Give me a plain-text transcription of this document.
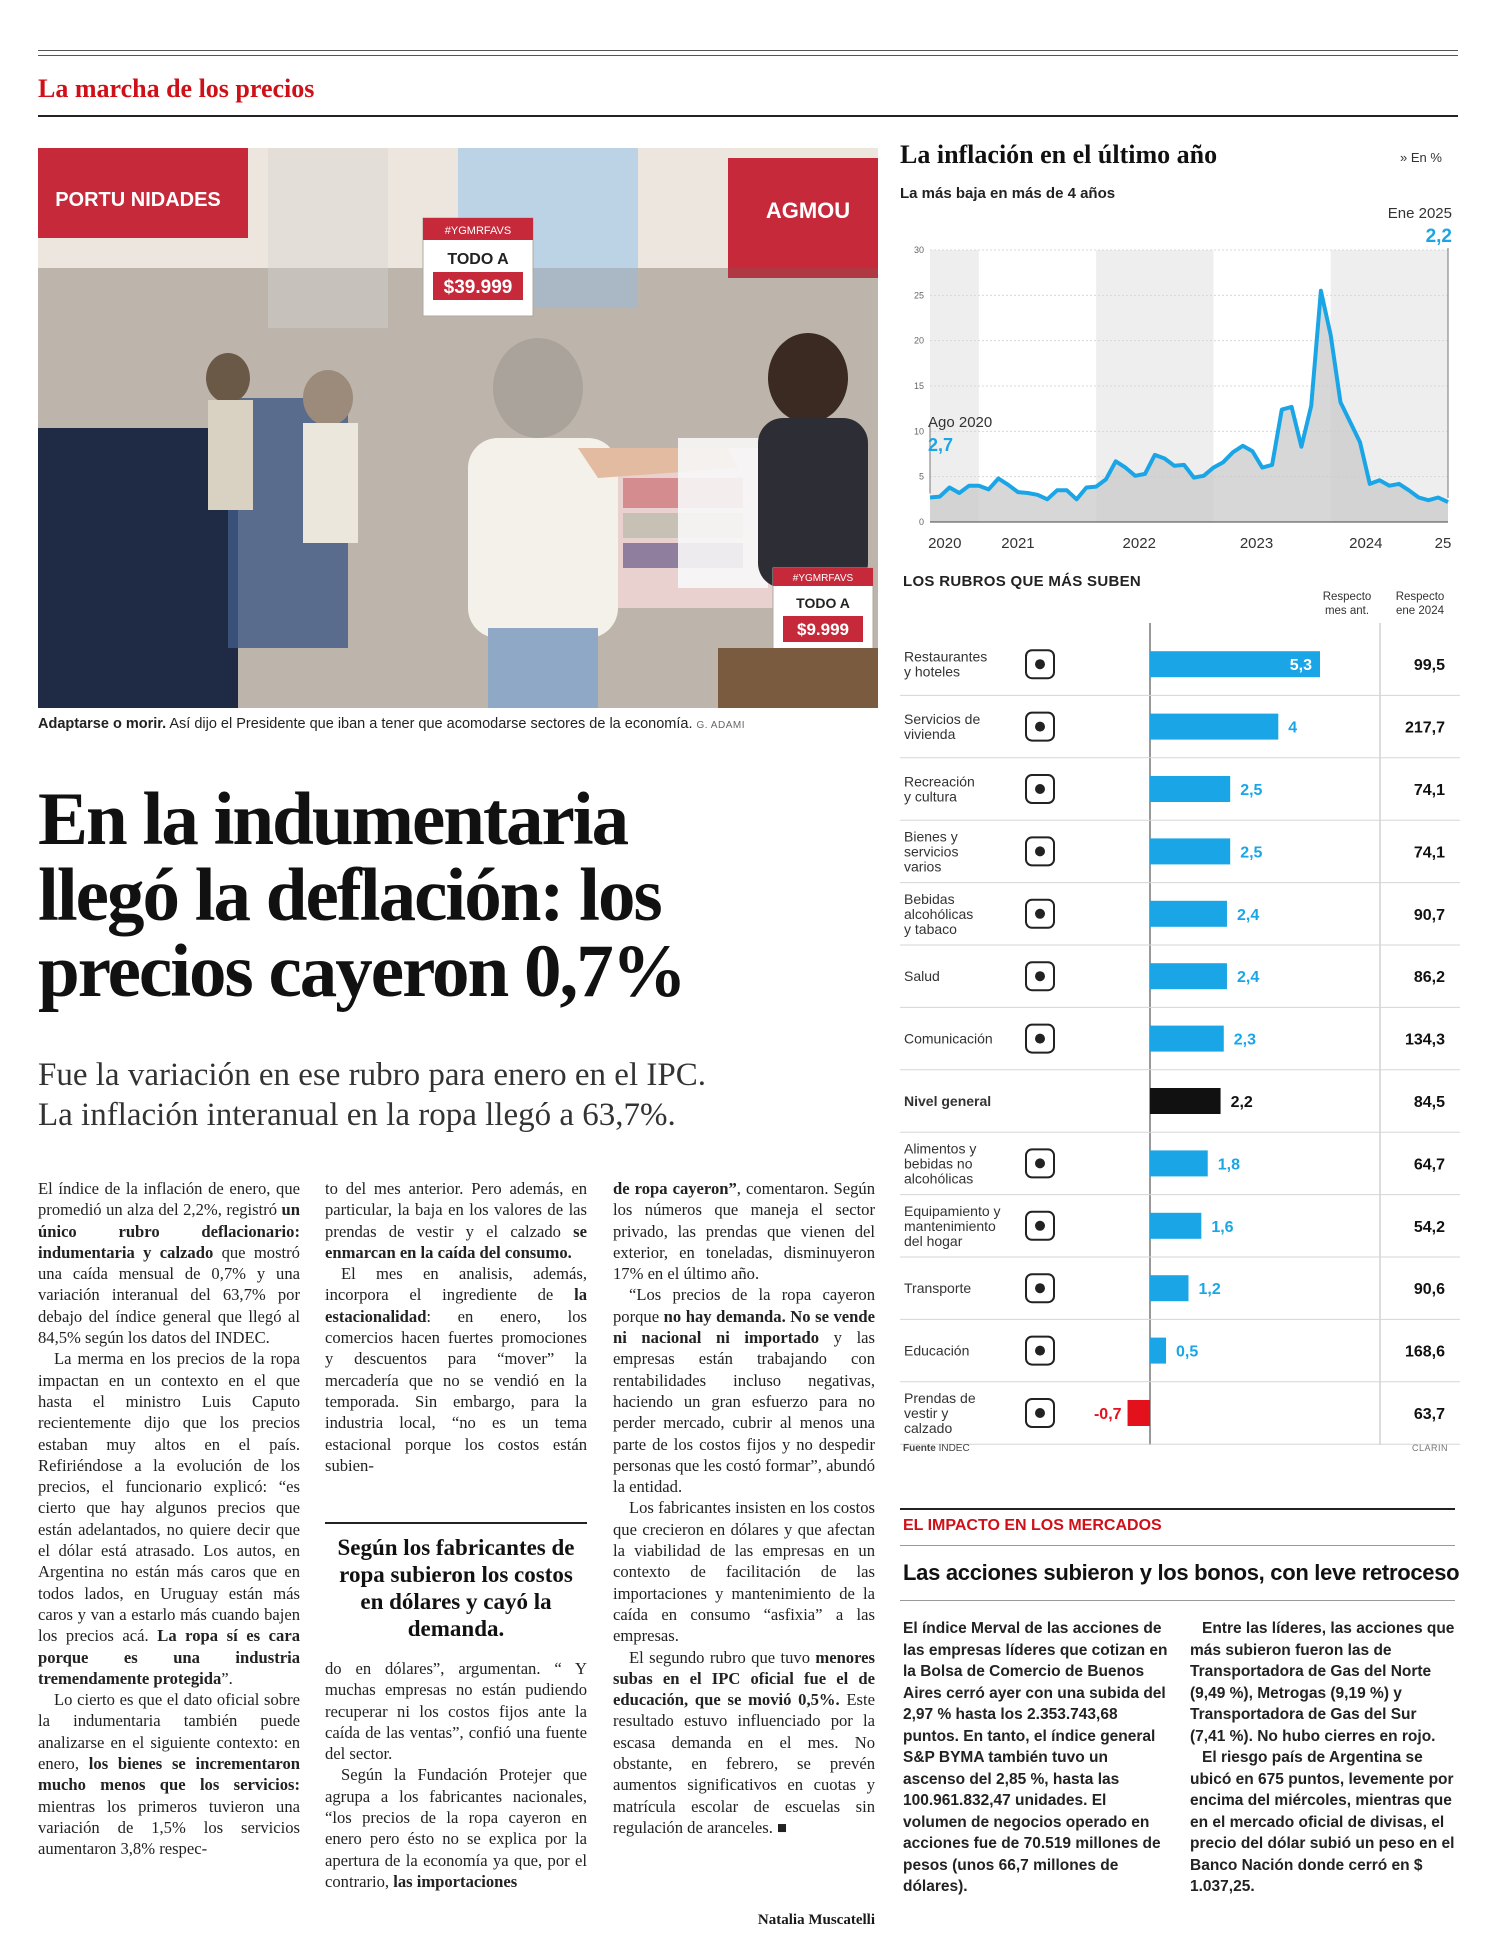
La marcha de los precios
PORTU NIDADES	AGMOU
#YGMRFAVS
TODO A
$39.999
#YGMRFAVS
TODO A
$9.999
Adaptarse o morir. Así dijo el Presidente que iban a tener que acomodarse sectores de la economía. G. ADAMI
En la indumentaria
llegó la deflación: los
precios cayeron 0,7%
Fue la variación en ese rubro para enero en el IPC.
La inflación interanual en la ropa llegó a 63,7%.

El índice de la inflación de enero, que promedió un alza del 2,2%, registró un único rubro deflacionario: indumentaria y calzado que mostró una caída mensual de 0,7% y una variación interanual del 63,7% por debajo del índice general que llegó al 84,5% según los datos del INDEC.

La merma en los precios de la ropa impactan en un contexto en el que hasta el ministro Luis Caputo recientemente dijo que los precios estaban muy altos en el país. Refiriéndose a la evolución de los precios, el funcionario explicó: “es cierto que hay algunos precios que están adelantados, no quiere decir que el dólar está atrasado. Los autos, en Argentina no están más caros que en todos lados, en Uruguay están más caros y van a estarlo más cuando bajen los precios acá. La ropa sí es cara porque es una industria tremendamente protegida”.

Lo cierto es que el dato oficial sobre la indumentaria también puede analizarse en el siguiente contexto: en enero, los bienes se incrementaron mucho menos que los servicios: mientras los primeros tuvieron una variación de 1,5% los servicios aumentaron 3,8% respec-

to del mes anterior. Pero además, en particular, la baja en los valores de las prendas de vestir y el calzado se enmarcan en la caída del consumo.

El mes en analisis, además, incorpora el ingrediente de la estacionalidad: en enero, los comercios hacen fuertes promociones y descuentos para “mover” la mercadería que no se vendió en la temporada. Sin embargo, para la industria local, “no es un tema estacional porque los costos están subien-

Según los fabricantes de ropa subieron los costos en dólares y cayó la demanda.

do en dólares”, argumentan. “ Y muchas empresas no están pudiendo recuperar ni los costos fijos ante la caída de las ventas”, confió una fuente del sector.

Según la Fundación Protejer que agrupa a los fabricantes nacionales, “los precios de la ropa cayeron en enero pero ésto no se explica por la apertura de la economía ya que, por el contrario, las importaciones

de ropa cayeron”, comentaron. Según los números que maneja el sector privado, las prendas que vienen del exterior, en toneladas, disminuyeron 17% en el último año.

“Los precios de la ropa cayeron porque no hay demanda. No se vende ni nacional ni importado y las empresas están trabajando con rentabilidades incluso negativas, haciendo un gran esfuerzo para no perder mercado, cubrir al menos una parte de los costos fijos y no despedir personas que les costó formar”, abundó la entidad.

Los fabricantes insisten en los costos que crecieron en dólares y que afectan la viabilidad de las empresas en un contexto de facilitación de las importaciones y mantenimiento de la caída en consumo “asfixia” a las empresas.

El segundo rubro que tuvo menores subas en el IPC oficial fue el de educación, que se movió 0,5%. Este resultado estuvo influenciado por la escasa demanda en el mes. No obstante, en febrero, se prevén aumentos significativos en cuotas y matrícula escolar de escuelas sin regulación de aranceles. ■

Natalia Muscatelli
La inflación en el último año	» En %
La más baja en más de 4 años
0
5
10
15
20
25
30
2020	2021	2022	2023	2024	25
Ago 2020
2,7
Ene 2025
2,2
LOS RUBROS QUE MÁS SUBEN
Respecto
mes ant.
Respecto
ene 2024
Restaurantes
y hoteles	5,3	99,5
Servicios de
vivienda	4	217,7
Recreación
y cultura	2,5	74,1
Bienes y
servicios
varios
2,5	74,1
Bebidas
alcohólicas
y tabaco
2,4	90,7
Salud	2,4	86,2
Comunicación	2,3	134,3
Nivel general	2,2	84,5
Alimentos y
bebidas no
alcohólicas
1,8	64,7
Equipamiento y
mantenimiento
del hogar
1,6	54,2
Transporte	1,2	90,6
Educación	0,5	168,6
Prendas de
vestir y
calzado
-0,7	63,7
Fuente INDEC	CLARIN
EL IMPACTO EN LOS MERCADOS
Las acciones subieron y los bonos, con leve retroceso

El índice Merval de las acciones de las empresas líderes que cotizan en la Bolsa de Comercio de Buenos Aires cerró ayer con una subida del 2,97 % hasta los 2.353.743,68 puntos. En tanto, el índice general S&P BYMA también tuvo un ascenso del 2,85 %, hasta las 100.961.832,47 unidades. El volumen de negocios operado en acciones fue de 70.519 millones de pesos (unos 66,7 millones de dólares).

Entre las líderes, las acciones que más subieron fueron las de Transportadora de Gas del Norte (9,49 %), Metrogas (9,19 %) y Transportadora de Gas del Sur (7,41 %). No hubo cierres en rojo.

El riesgo país de Argentina se ubicó en 675 puntos, levemente por encima del miércoles, mientras que en el mercado oficial de divisas, el precio del dólar subió un peso en el Banco Nación donde cerró en $ 1.037,25.
